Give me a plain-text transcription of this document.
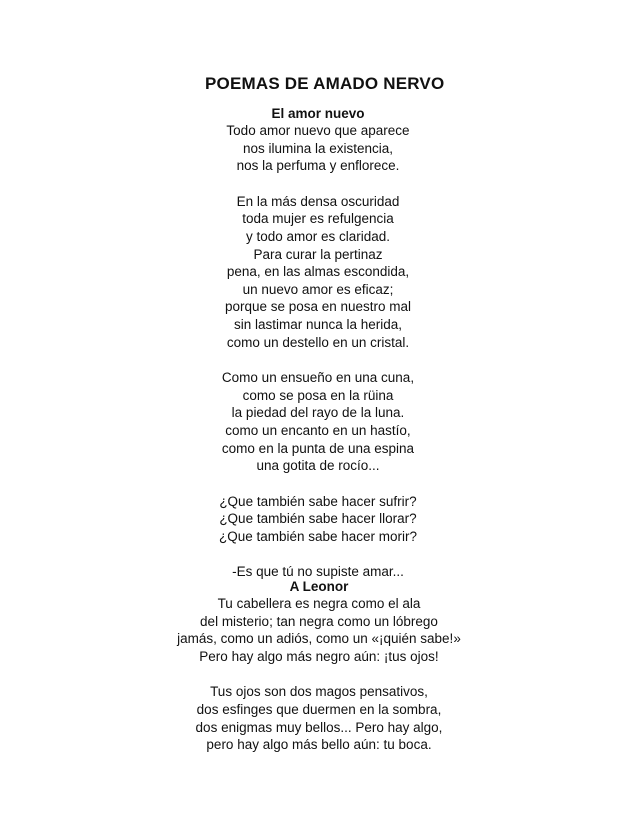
POEMAS DE AMADO NERVO
El amor nuevo
Todo amor nuevo que aparece
nos ilumina la existencia,
nos la perfuma y enflorece.
En la más densa oscuridad
toda mujer es refulgencia
y todo amor es claridad.
Para curar la pertinaz
pena, en las almas escondida,
un nuevo amor es eficaz;
porque se posa en nuestro mal
sin lastimar nunca la herida,
como un destello en un cristal.
Como un ensueño en una cuna,
como se posa en la rüina
la piedad del rayo de la luna.
como un encanto en un hastío,
como en la punta de una espina
una gotita de rocío...
¿Que también sabe hacer sufrir?
¿Que también sabe hacer llorar?
¿Que también sabe hacer morir?
-Es que tú no supiste amar...
A Leonor
Tu cabellera es negra como el ala
del misterio; tan negra como un lóbrego
jamás, como un adiós, como un «¡quién sabe!»
Pero hay algo más negro aún: ¡tus ojos!
Tus ojos son dos magos pensativos,
dos esfinges que duermen en la sombra,
dos enigmas muy bellos... Pero hay algo,
pero hay algo más bello aún: tu boca.
